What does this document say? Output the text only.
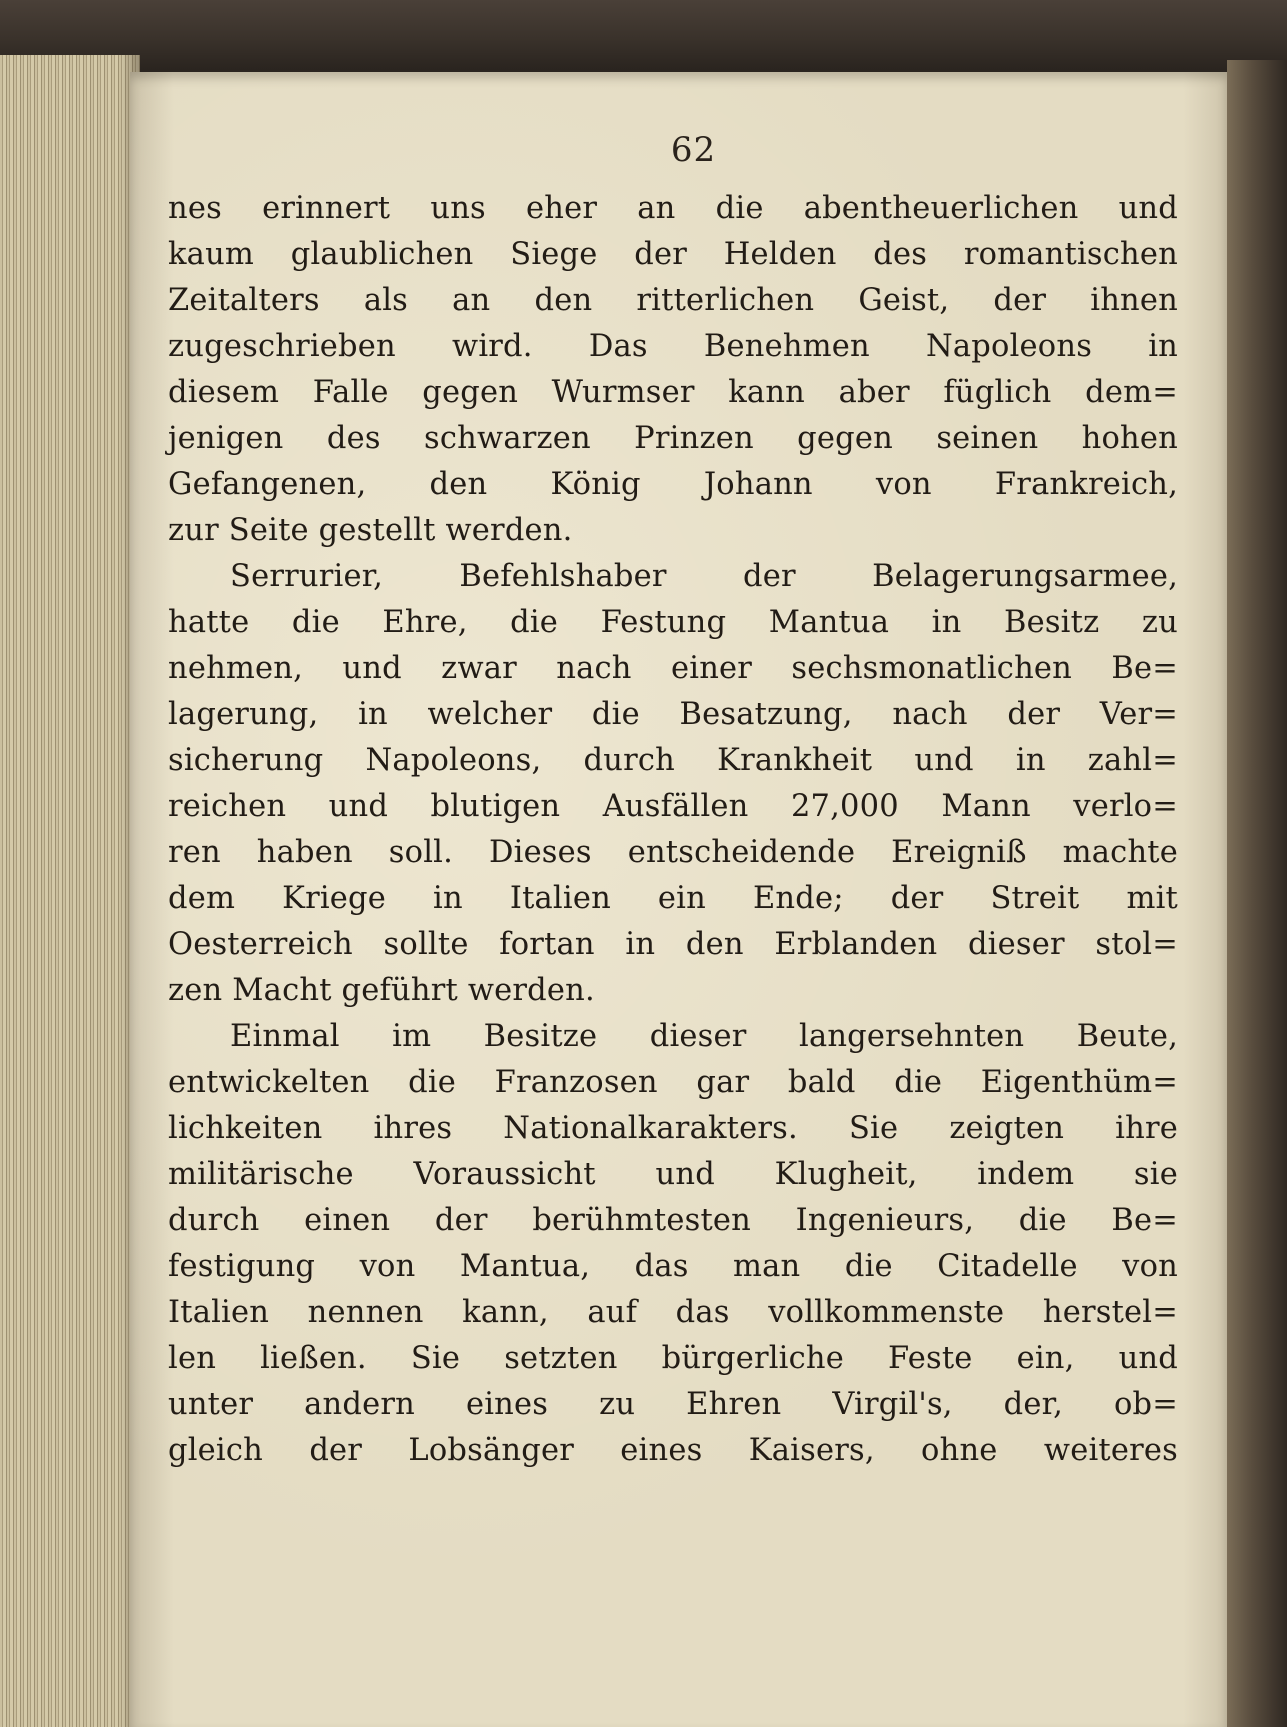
62
nes erinnert uns eher an die abentheuerlichen und
kaum glaublichen Siege der Helden des romantischen
Zeitalters als an den ritterlichen Geist, der ihnen
zugeschrieben wird. Das Benehmen Napoleons in
diesem Falle gegen Wurmser kann aber füglich dem=
jenigen des schwarzen Prinzen gegen seinen hohen
Gefangenen, den König Johann von Frankreich,
zur Seite gestellt werden.
Serrurier, Befehlshaber der Belagerungsarmee,
hatte die Ehre, die Festung Mantua in Besitz zu
nehmen, und zwar nach einer sechsmonatlichen Be=
lagerung, in welcher die Besatzung, nach der Ver=
sicherung Napoleons, durch Krankheit und in zahl=
reichen und blutigen Ausfällen 27,000 Mann verlo=
ren haben soll. Dieses entscheidende Ereigniß machte
dem Kriege in Italien ein Ende; der Streit mit
Oesterreich sollte fortan in den Erblanden dieser stol=
zen Macht geführt werden.
Einmal im Besitze dieser langersehnten Beute,
entwickelten die Franzosen gar bald die Eigenthüm=
lichkeiten ihres Nationalkarakters. Sie zeigten ihre
militärische Voraussicht und Klugheit, indem sie
durch einen der berühmtesten Ingenieurs, die Be=
festigung von Mantua, das man die Citadelle von
Italien nennen kann, auf das vollkommenste herstel=
len ließen. Sie setzten bürgerliche Feste ein, und
unter andern eines zu Ehren Virgil's, der, ob=
gleich der Lobsänger eines Kaisers, ohne weiteres
